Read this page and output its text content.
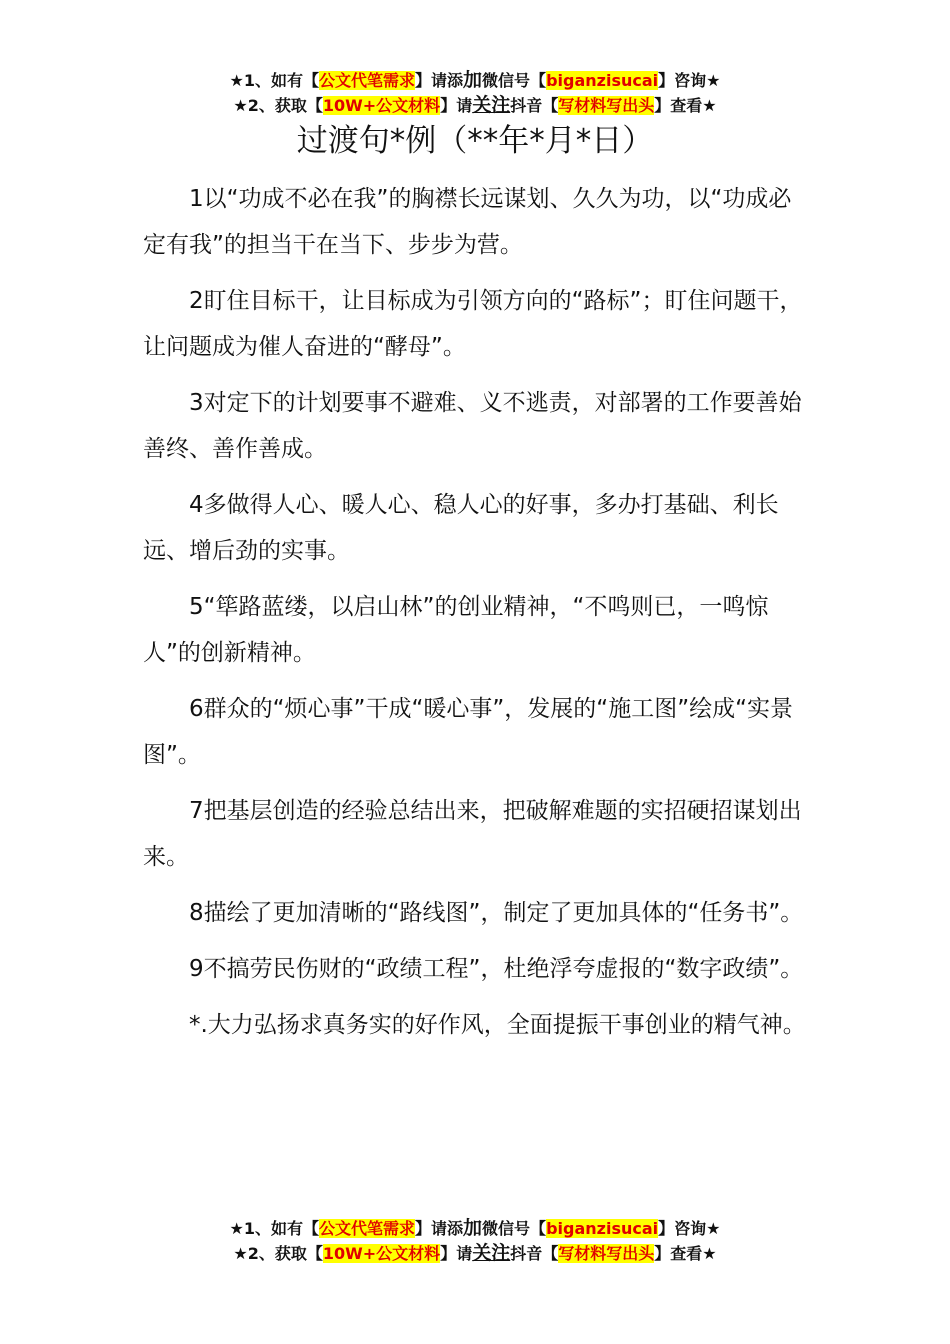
★1、如有【公文代笔需求】请添加微信号【biganzisucai】咨询★
★2、获取【10W+公文材料】请关注抖音【写材料写出头】查看★
过渡句*例（**年*月*日）

1以“功成不必在我”的胸襟长远谋划、久久为功，以“功成必定有我”的担当干在当下、步步为营。

2盯住目标干，让目标成为引领方向的“路标”；盯住问题干，让问题成为催人奋进的“酵母”。

3对定下的计划要事不避难、义不逃责，对部署的工作要善始善终、善作善成。

4多做得人心、暖人心、稳人心的好事，多办打基础、利长远、增后劲的实事。

5“筚路蓝缕，以启山林”的创业精神，“不鸣则已，一鸣惊人”的创新精神。

6群众的“烦心事”干成“暖心事”，发展的“施工图”绘成“实景图”。

7把基层创造的经验总结出来，把破解难题的实招硬招谋划出来。

8描绘了更加清晰的“路线图”，制定了更加具体的“任务书”。

9不搞劳民伤财的“政绩工程”，杜绝浮夸虚报的“数字政绩”。

*.大力弘扬求真务实的好作风，全面提振干事创业的精气神。

★1、如有【公文代笔需求】请添加微信号【biganzisucai】咨询★
★2、获取【10W+公文材料】请关注抖音【写材料写出头】查看★
